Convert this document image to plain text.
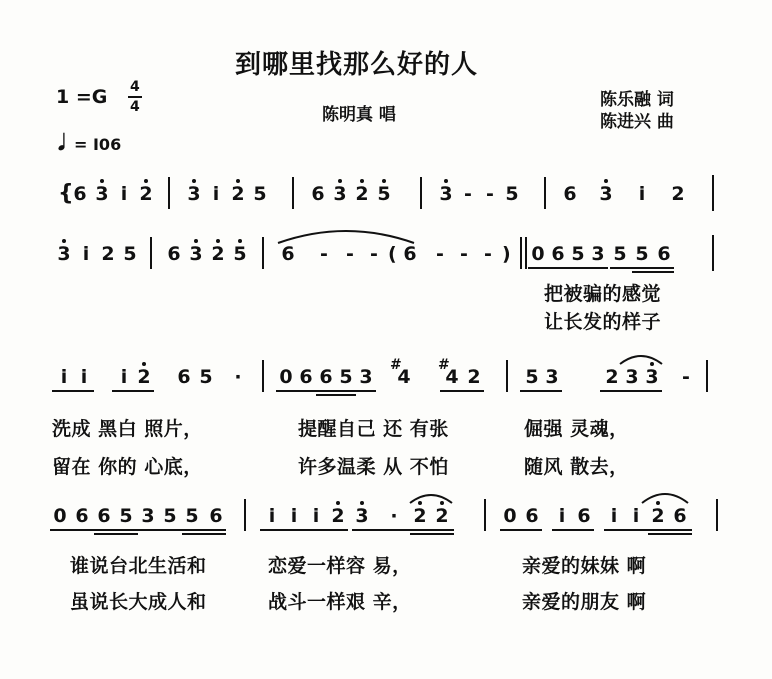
到哪里找那么好的人
1 =G 4
4
𝅘𝅥 = I06
陈明真 唱
陈乐融 词
陈进兴 曲
{ 6 3 i 2 3 i 2 5 6 3 2 5	3 - - 5 6 3	i	2
3 i 2 5 6 3 2 5 6	- - - ( 6	- - - ) 0 6 5 3 5 5 6
把被骗的感觉
让长发的样子
i i	i 2 6 5	·	0 6 6 5 3
#
4
#
4 2 5 3 2 3 3	-
洗成 黑白 照片，	提醒自己 还 有张	倔强 灵魂，
留在 你的 心底，	许多温柔 从 不怕	随风 散去，
0 6 6 5 3 5 5 6	i i i 2 3	· 2 2	0 6	i 6	i i 2 6
谁说台北生活和	恋爱一样容 易，	亲爱的妹妹 啊
虽说长大成人和	战斗一样艰 辛，	亲爱的朋友 啊
